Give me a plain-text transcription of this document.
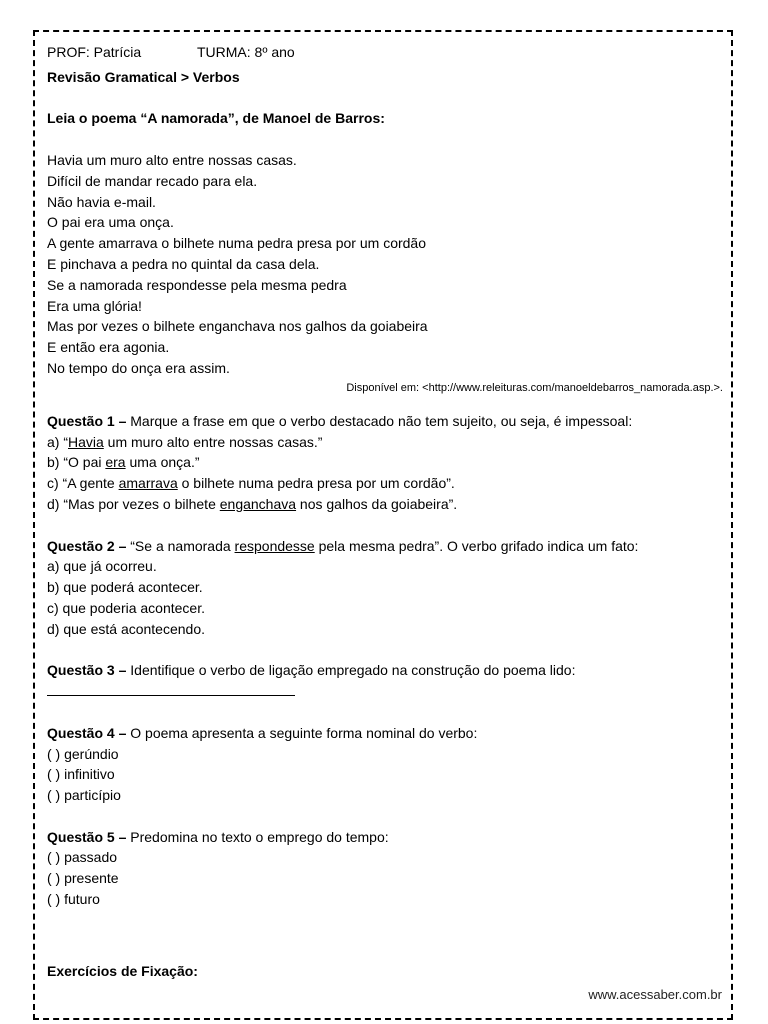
PROF: Patrícia	TURMA: 8º ano
Revisão Gramatical > Verbos
Leia o poema “A namorada”, de Manoel de Barros:
Havia um muro alto entre nossas casas.
Difícil de mandar recado para ela.
Não havia e-mail.
O pai era uma onça.
A gente amarrava o bilhete numa pedra presa por um cordão
E pinchava a pedra no quintal da casa dela.
Se a namorada respondesse pela mesma pedra
Era uma glória!
Mas por vezes o bilhete enganchava nos galhos da goiabeira
E então era agonia.
No tempo do onça era assim.
Disponível em: <http://www.releituras.com/manoeldebarros_namorada.asp.>.
Questão 1 – Marque a frase em que o verbo destacado não tem sujeito, ou seja, é impessoal:
a) “Havia um muro alto entre nossas casas.”
b) “O pai era uma onça.”
c) “A gente amarrava o bilhete numa pedra presa por um cordão”.
d) “Mas por vezes o bilhete enganchava nos galhos da goiabeira”.
Questão 2 – “Se a namorada respondesse pela mesma pedra”. O verbo grifado indica um fato:
a) que já ocorreu.
b) que poderá acontecer.
c) que poderia acontecer.
d) que está acontecendo.
Questão 3 – Identifique o verbo de ligação empregado na construção do poema lido:
Questão 4 – O poema apresenta a seguinte forma nominal do verbo:
( ) gerúndio
( ) infinitivo
( ) particípio
Questão 5 – Predomina no texto o emprego do tempo:
( ) passado
( ) presente
( ) futuro
Exercícios de Fixação:
www.acessaber.com.br
